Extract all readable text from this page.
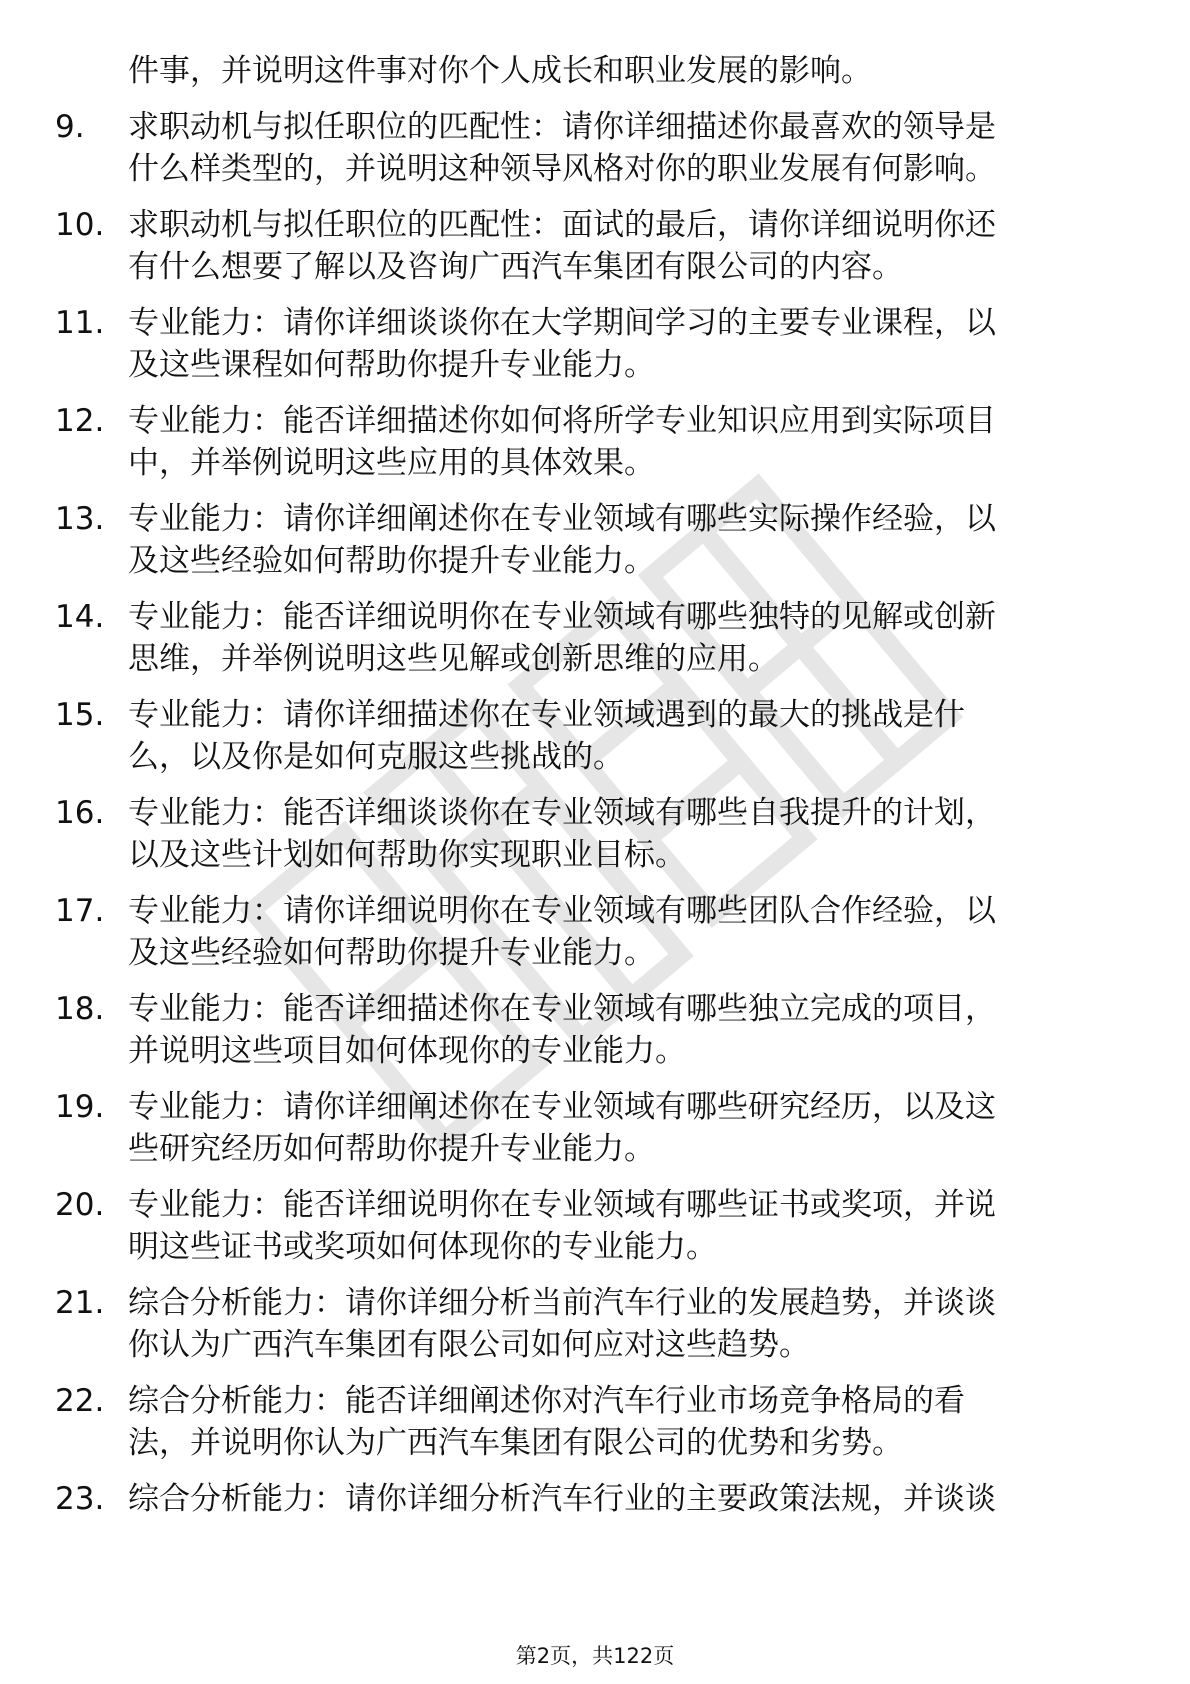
件事，并说明这件事对你个人成长和职业发展的影响。
9.	求职动机与拟任职位的匹配性：请你详细描述你最喜欢的领导是
什么样类型的，并说明这种领导风格对你的职业发展有何影响。
10. 求职动机与拟任职位的匹配性：面试的最后，请你详细说明你还
有什么想要了解以及咨询广西汽车集团有限公司的内容。
11. 专业能力：请你详细谈谈你在大学期间学习的主要专业课程，以
及这些课程如何帮助你提升专业能力。
12. 专业能力：能否详细描述你如何将所学专业知识应用到实际项目
中，并举例说明这些应用的具体效果。
13. 专业能力：请你详细阐述你在专业领域有哪些实际操作经验，以
及这些经验如何帮助你提升专业能力。
14. 专业能力：能否详细说明你在专业领域有哪些独特的见解或创新
思维，并举例说明这些见解或创新思维的应用。
15. 专业能力：请你详细描述你在专业领域遇到的最大的挑战是什
么，以及你是如何克服这些挑战的。
16. 专业能力：能否详细谈谈你在专业领域有哪些自我提升的计划，
以及这些计划如何帮助你实现职业目标。
17. 专业能力：请你详细说明你在专业领域有哪些团队合作经验，以
及这些经验如何帮助你提升专业能力。
18. 专业能力：能否详细描述你在专业领域有哪些独立完成的项目，
并说明这些项目如何体现你的专业能力。
19. 专业能力：请你详细阐述你在专业领域有哪些研究经历，以及这
些研究经历如何帮助你提升专业能力。
20. 专业能力：能否详细说明你在专业领域有哪些证书或奖项，并说
明这些证书或奖项如何体现你的专业能力。
21. 综合分析能力：请你详细分析当前汽车行业的发展趋势，并谈谈
你认为广西汽车集团有限公司如何应对这些趋势。
22. 综合分析能力：能否详细阐述你对汽车行业市场竞争格局的看
法，并说明你认为广西汽车集团有限公司的优势和劣势。
23. 综合分析能力：请你详细分析汽车行业的主要政策法规，并谈谈
第2页，共122页
